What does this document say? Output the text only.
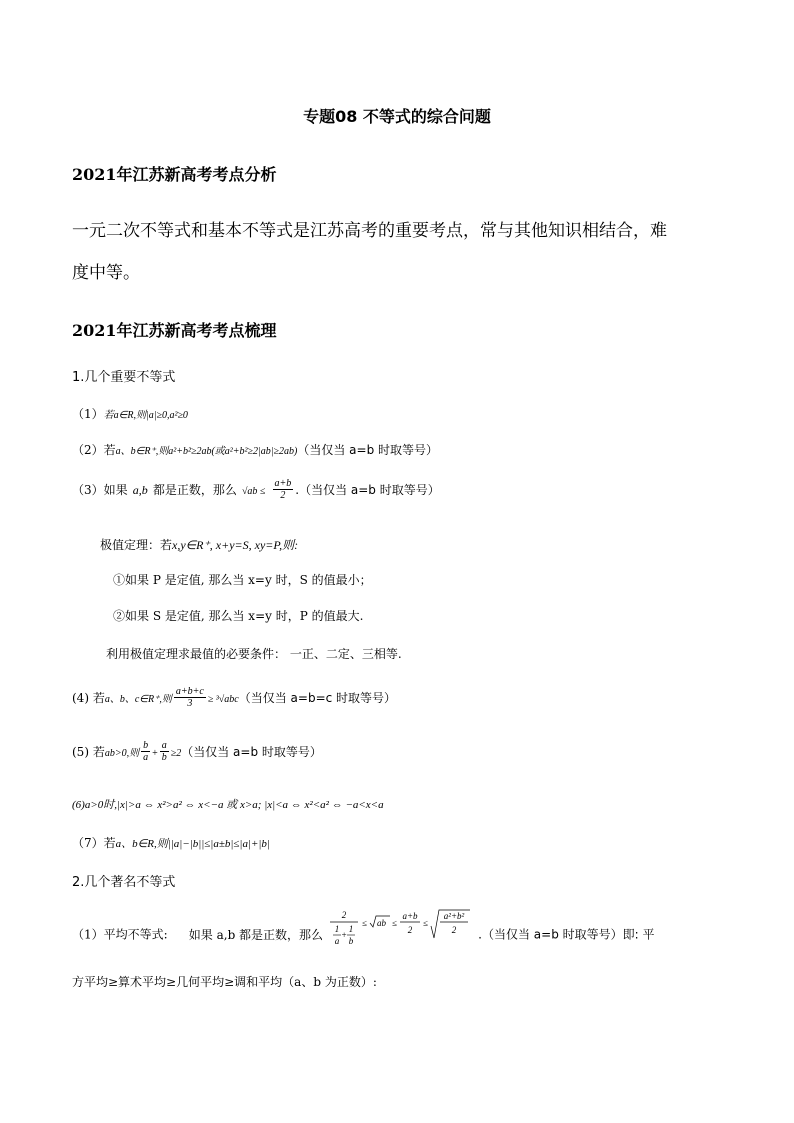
专题08 不等式的综合问题
2021年江苏新高考考点分析
一元二次不等式和基本不等式是江苏高考的重要考点，常与其他知识相结合，难
度中等。
2021年江苏新高考考点梳理
1.几个重要不等式
（1）若a∈R,则|a|≥0,a²≥0
（2）若a、b∈R⁺,则a²+b²≥2ab(或a²+b²≥2|ab|≥2ab)（当仅当 a=b 时取等号）
（3）如果 a,b 都是正数，那么 $√ab \le \frac{a+b}{2}$ .（当仅当 a=b 时取等号）
极值定理：若x,y∈R⁺, x+y=S, xy=P,则:
①如果 P 是定值, 那么当 x=y 时，S 的值最小；
②如果 S 是定值, 那么当 x=y 时，P 的值最大.
利用极值定理求最值的必要条件： 一正、二定、三相等.
(4) 若a、b、c∈R⁺,则 $\frac{a+b+c}{3} \ge ^3√abc$（当仅当 a=b=c 时取等号）
(5) 若ab>0,则 $\frac{b}{a} + \frac{a}{b} \ge 2$（当仅当 a=b 时取等号）
(6)a>0时,|x|>a ⇔ x²>a² ⇔ x<−a 或 x>a; |x|<a ⇔ x²<a² ⇔ −a<x<a
（7）若a、b∈R,则||a|−|b||≤|a±b|≤|a|+|b|
2.几个著名不等式
（1）平均不等式: 如果 a,b 都是正数，那么
2
1
a
+
1
b
≤ ab ≤
a+b
2
≤
a²+b²
2 .（当仅当 a=b 时取等号）即: 平
方平均≥算术平均≥几何平均≥调和平均（a、b 为正数）:
